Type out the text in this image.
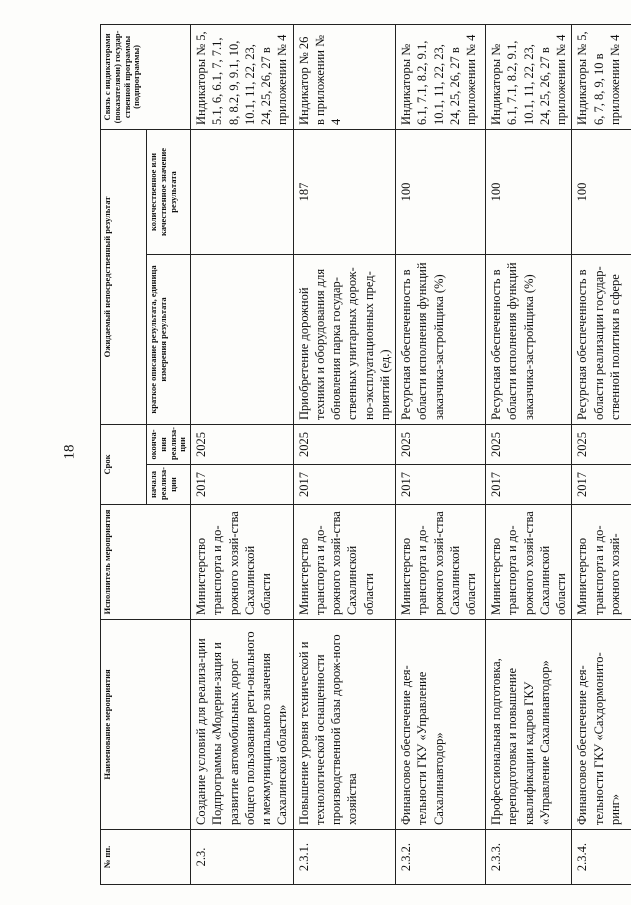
18
№ пп.	Наименование мероприятия	Исполнитель мероприятия	Срок		Ожидаемый непосредственный результат		Связь с индикаторами (показателями) государ-ственной программы (подпрограммы)
			начала реализа-ции	оконча-ния реализа-ции	краткое описание результата, единица измерения результата	количественное или качественное значение результата	
2.3.	Создание условий для реализа-ции Подпрограммы «Модерни-зация и развитие автомобильных дорог общего пользования реги-онального и межмуниципального значения Сахалинской области»	Министерство транспорта и до-рожного хозяй-ства Сахалинской области	2017	2025			Индикаторы № 5, 5.1, 6, 6.1, 7, 7.1, 8, 8.2, 9, 9.1, 10, 10.1, 11, 22, 23, 24, 25, 26, 27 в приложении № 4
2.3.1.	Повышение уровня технической и технологической оснащенности производственной базы дорож-ного хозяйства	Министерство транспорта и до-рожного хозяй-ства Сахалинской области	2017	2025	Приобретение дорожной техники и оборудования для обновления парка государ-ственных унитарных дорож-но-эксплуатационных пред-приятий (ед.)	187	Индикатор № 26 в приложении № 4
2.3.2.	Финансовое обеспечение дея-тельности ГКУ «Управление Сахалинавтодор»	Министерство транспорта и до-рожного хозяй-ства Сахалинской области	2017	2025	Ресурсная обеспеченность в области исполнения функций заказчика-застройщика (%)	100	Индикаторы № 6.1, 7.1, 8.2, 9.1, 10.1, 11, 22, 23, 24, 25, 26, 27 в приложении № 4
2.3.3.	Профессиональная подготовка, переподготовка и повышение квалификации кадров ГКУ «Управление Сахалинавтодор»	Министерство транспорта и до-рожного хозяй-ства Сахалинской области	2017	2025	Ресурсная обеспеченность в области исполнения функций заказчика-застройщика (%)	100	Индикаторы № 6.1, 7.1, 8.2, 9.1, 10.1, 11, 22, 23, 24, 25, 26, 27 в приложении № 4
2.3.4.	Финансовое обеспечение дея-тельности ГКУ «Сахдормонито-ринг»	Министерство транспорта и до-рожного хозяй-	2017	2025	Ресурсная обеспеченность в области реализации государ-ственной политики в сфере	100	Индикаторы № 5, 6, 7, 8, 9, 10 в приложении № 4
